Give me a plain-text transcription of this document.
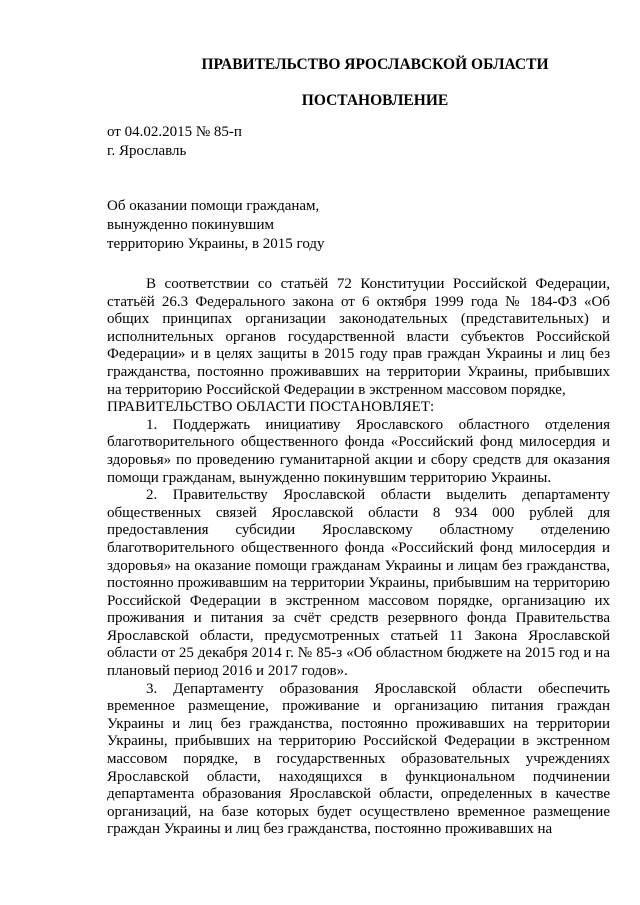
ПРАВИТЕЛЬСТВО ЯРОСЛАВСКОЙ ОБЛАСТИ
ПОСТАНОВЛЕНИЕ
от 04.02.2015 № 85-п
г. Ярославль
Об оказании помощи гражданам,
вынужденно покинувшим
территорию Украины, в 2015 году

В соответствии со статьёй 72 Конституции Российской Федерации, статьёй 26.3 Федерального закона от 6 октября 1999 года № 184-ФЗ «Об общих принципах организации законодательных (представительных) и исполнительных органов государственной власти субъектов Российской Федерации» и в целях защиты в 2015 году прав граждан Украины и лиц без гражданства, постоянно проживавших на территории Украины, прибывших на территорию Российской Федерации в экстренном массовом порядке,

ПРАВИТЕЛЬСТВО ОБЛАСТИ ПОСТАНОВЛЯЕТ:

1. Поддержать инициативу Ярославского областного отделения благотворительного общественного фонда «Российский фонд милосердия и здоровья» по проведению гуманитарной акции и сбору средств для оказания помощи гражданам, вынужденно покинувшим территорию Украины.

2. Правительству Ярославской области выделить департаменту общественных связей Ярославской области 8 934 000 рублей для предоставления субсидии Ярославскому областному отделению благотворительного общественного фонда «Российский фонд милосердия и здоровья» на оказание помощи гражданам Украины и лицам без гражданства, постоянно проживавшим на территории Украины, прибывшим на территорию Российской Федерации в экстренном массовом порядке, организацию их проживания и питания за счёт средств резервного фонда Правительства Ярославской области, предусмотренных статьей 11 Закона Ярославской области от 25 декабря 2014 г. № 85-з «Об областном бюджете на 2015 год и на плановый период 2016 и 2017 годов».

3. Департаменту образования Ярославской области обеспечить временное размещение, проживание и организацию питания граждан Украины и лиц без гражданства, постоянно проживавших на территории Украины, прибывших на территорию Российской Федерации в экстренном массовом порядке, в государственных образовательных учреждениях Ярославской области, находящихся в функциональном подчинении департамента образования Ярославской области, определенных в качестве организаций, на базе которых будет осуществлено временное размещение граждан Украины и лиц без гражданства, постоянно проживавших на
